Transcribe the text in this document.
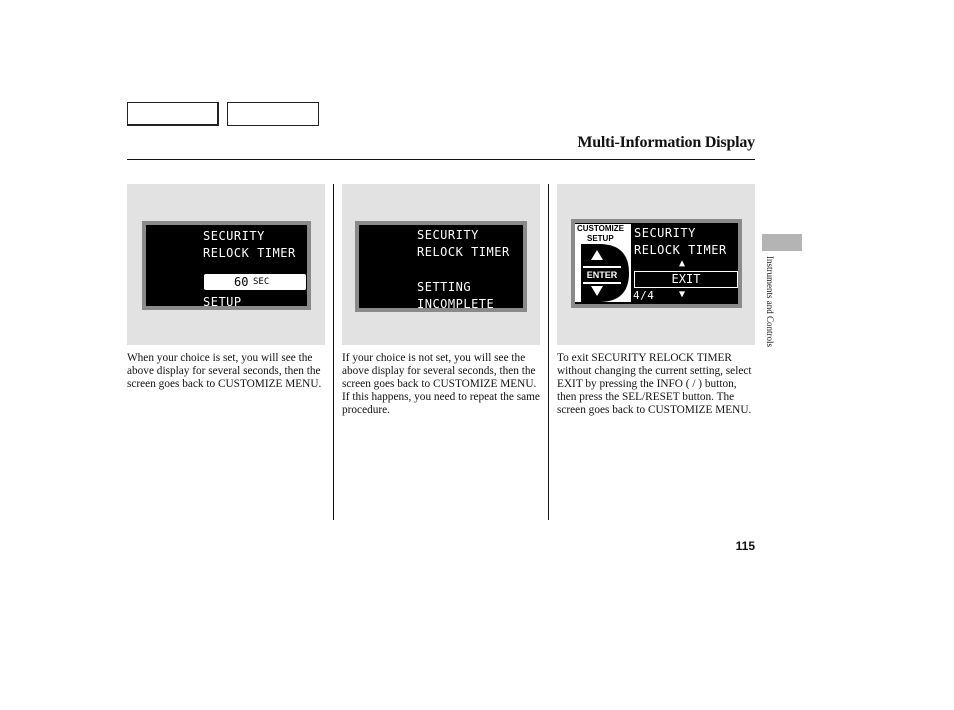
Multi-Information Display
SECURITY
RELOCK TIMER
60 SEC
SETUP
SECURITY
RELOCK TIMER
SETTING
INCOMPLETE
SECURITY
RELOCK TIMER
▲
EXIT
▼
4/4
CUSTOMIZE
SETUP
ENTER
When your choice is set, you will see the above display for several seconds, then the screen goes back to CUSTOMIZE MENU.
If your choice is not set, you will see the above display for several seconds, then the screen goes back to CUSTOMIZE MENU. If this happens, you need to repeat the same procedure.
To exit SECURITY RELOCK TIMER without changing the current setting, select EXIT by pressing the INFO ( / ) button, then press the SEL/RESET button. The screen goes back to CUSTOMIZE MENU.
Instruments and Controls
115
